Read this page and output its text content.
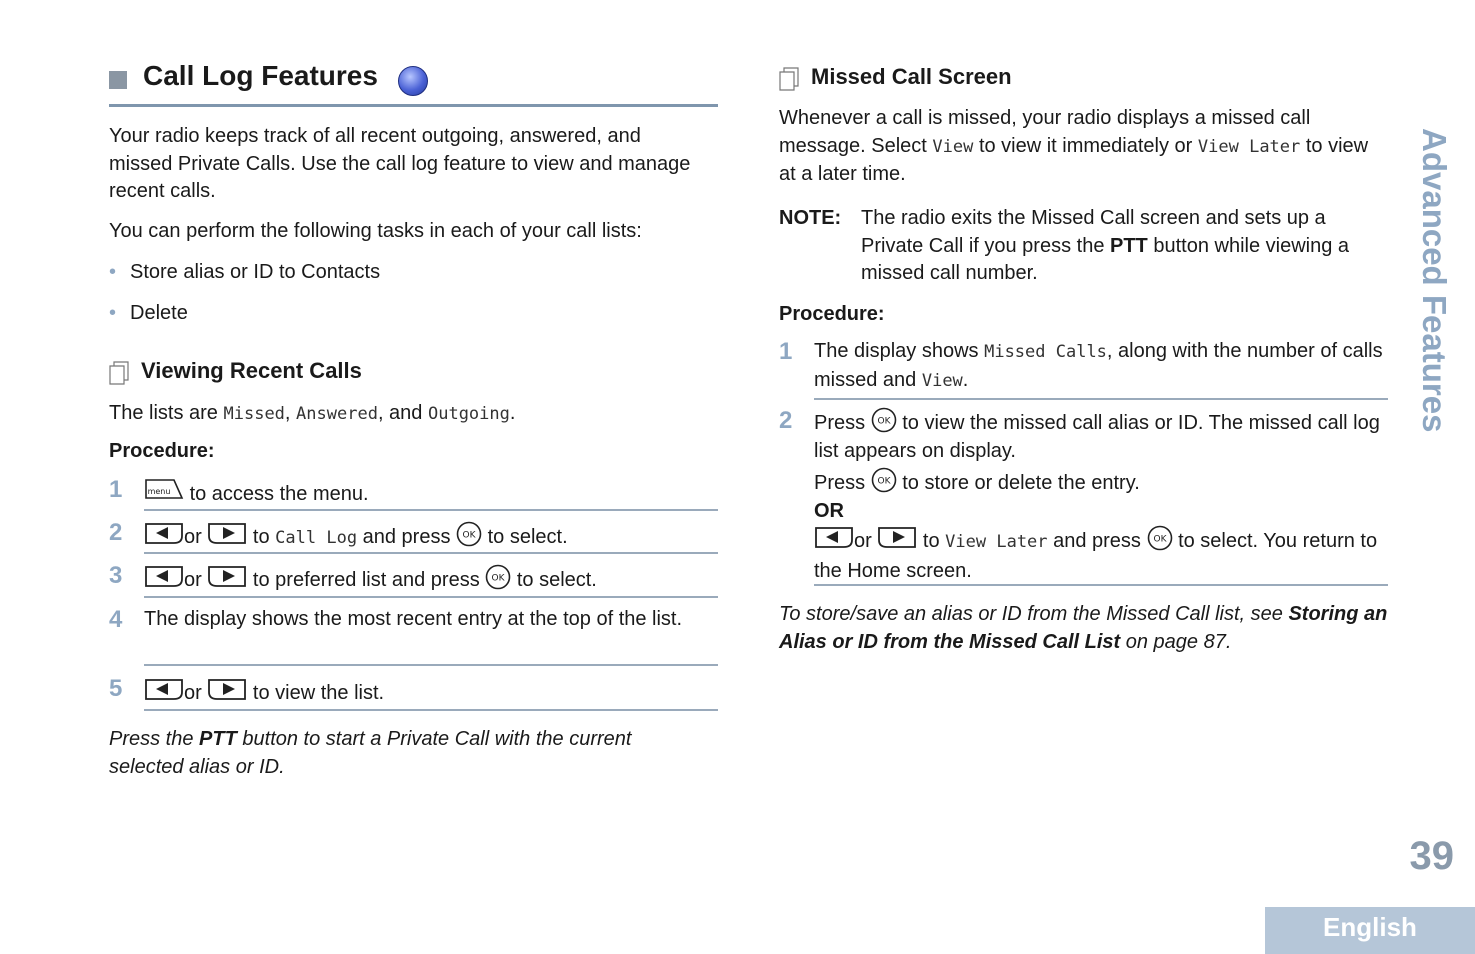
Call Log Features

Your radio keeps track of all recent outgoing, answered, and missed Private Calls. Use the call log feature to view and manage recent calls.

You can perform the following tasks in each of your call lists:

• Store alias or ID to Contacts
• Delete
Viewing Recent Calls

The lists are Missed, Answered, and Outgoing.

Procedure:
1	to access the menu.
2	or	to Call Log and press to select.
3	or	to preferred list and press to select.
4 The display shows the most recent entry at the top of the list.

5	or	to view the list.

Press the PTT button to start a Private Call with the current selected alias or ID.

Missed Call Screen

Whenever a call is missed, your radio displays a missed call message. Select View to view it immediately or View Later to view at a later time.

NOTE: The radio exits the Missed Call screen and sets up a Private Call if you press the PTT button while viewing a missed call number.

Procedure:
1 The display shows Missed Calls, along with the number of calls missed and View.

2 Press to view the missed call alias or ID. The missed call log list appears on display.

Press to store or delete the entry.

OR

or	to View Later and press to select. You return to the Home screen.

To store/save an alias or ID from the Missed Call list, see Storing an Alias or ID from the Missed Call List on page 87.

Advanced Features
39
English
